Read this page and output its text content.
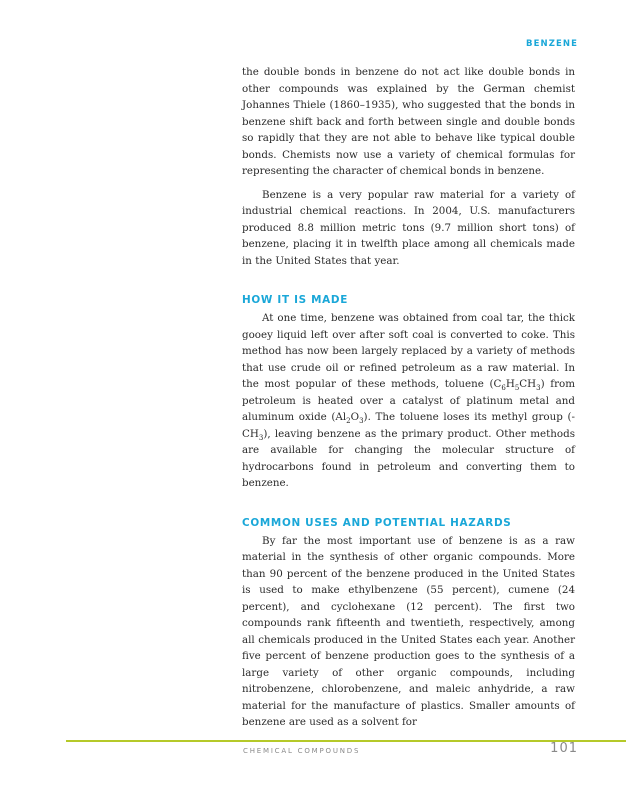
BENZENE

the double bonds in benzene do not act like double bonds in other compounds was explained by the German chemist Johannes Thiele (1860–1935), who suggested that the bonds in benzene shift back and forth between single and double bonds so rapidly that they are not able to behave like typical double bonds. Chemists now use a variety of chemical formulas for representing the character of chemical bonds in benzene.

Benzene is a very popular raw material for a variety of industrial chemical reactions. In 2004, U.S. manufacturers produced 8.8 million metric tons (9.7 million short tons) of benzene, placing it in twelfth place among all chemicals made in the United States that year.

HOW IT IS MADE

At one time, benzene was obtained from coal tar, the thick gooey liquid left over after soft coal is converted to coke. This method has now been largely replaced by a variety of methods that use crude oil or refined petroleum as a raw material. In the most popular of these methods, toluene $(C_6H_5CH_3)$ from petroleum is heated over a catalyst of platinum metal and aluminum oxide $(Al_2O_3)$. The toluene loses its methyl group $(-CH_3)$, leaving benzene as the primary product. Other methods are available for changing the molecular structure of hydrocarbons found in petroleum and converting them to benzene.

COMMON USES AND POTENTIAL HAZARDS

By far the most important use of benzene is as a raw material in the synthesis of other organic compounds. More than 90 percent of the benzene produced in the United States is used to make ethylbenzene (55 percent), cumene (24 percent), and cyclohexane (12 percent). The first two compounds rank fifteenth and twentieth, respectively, among all chemicals produced in the United States each year. Another five percent of benzene production goes to the synthesis of a large variety of other organic compounds, including nitrobenzene, chlorobenzene, and maleic anhydride, a raw material for the manufacture of plastics. Smaller amounts of benzene are used as a solvent for

CHEMICAL COMPOUNDS	101
